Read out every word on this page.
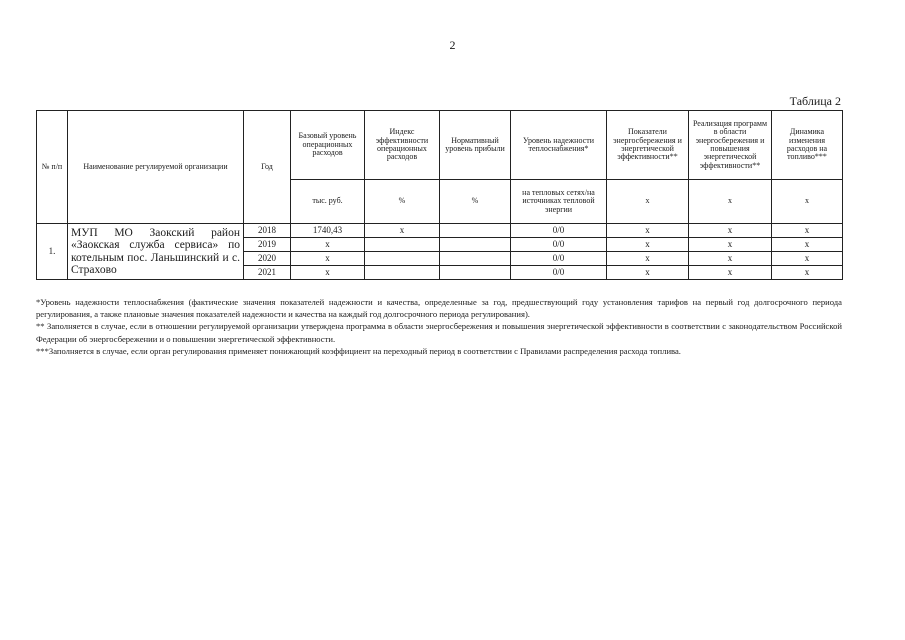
2
Таблица 2
№ п/п	Наименование регулируемой организации	Год	Базовый уровень операционных расходов	Индекс эффективности операционных расходов	Нормативный уровень прибыли	Уровень надежности теплоснабжения*	Показатели энергосбережения и энергетической эффективности**	Реализация программ в области энергосбережения и повышения энергетической эффективности**	Динамика изменения расходов на топливо***
			тыс. руб.	%	%	на тепловых сетях/на источниках тепловой энергии	x	x	x
1.	МУП МО Заокский район «Заокская служба сервиса» по котельным пос. Ланьшинский и с. Страхово	2018	1740,43	x		0/0	x	x	x
		2019	x			0/0	x	x	x
		2020	x			0/0	x	x	x
		2021	x			0/0	x	x	x

*Уровень надежности теплоснабжения (фактические значения показателей надежности и качества, определенные за год, предшествующий году установления тарифов на первый год долгосрочного периода регулирования, а также плановые значения показателей надежности и качества на каждый год долгосрочного периода регулирования).

** Заполняется в случае, если в отношении регулируемой организации утверждена программа в области энергосбережения и повышения энергетической эффективности в соответствии с законодательством Российской Федерации об энергосбережении и о повышении энергетической эффективности.

***Заполняется в случае, если орган регулирования применяет понижающий коэффициент на переходный период в соответствии с Правилами распределения расхода топлива.
